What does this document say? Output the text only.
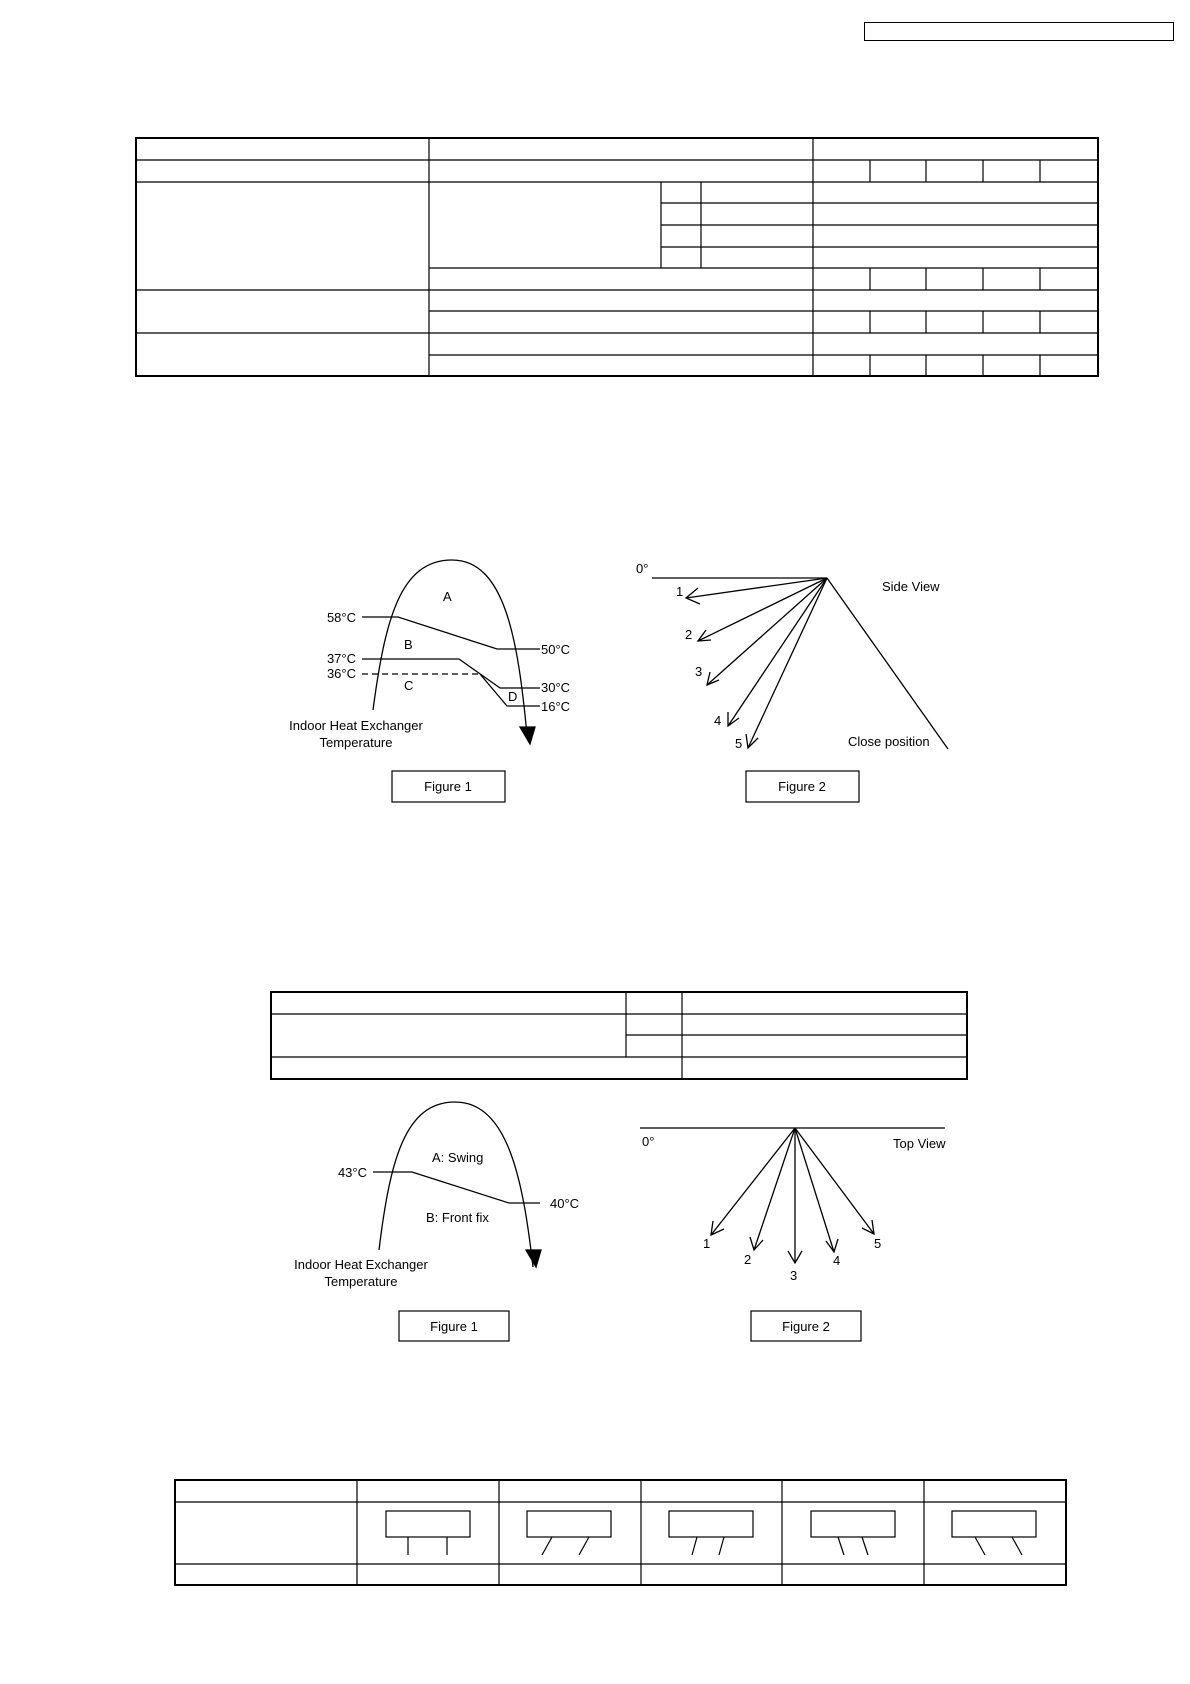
A
B
C
D
58°C
37°C
36°C
50°C
30°C
16°C
Indoor Heat Exchanger
Temperature
Figure 1
0°
Side View
Close position
1
2
3
4
5
Figure 2
A: Swing
B: Front fix
43°C
40°C
Indoor Heat Exchanger
Temperature
Figure 1
0°	Top View
1
2
3
4
5
Figure 2
